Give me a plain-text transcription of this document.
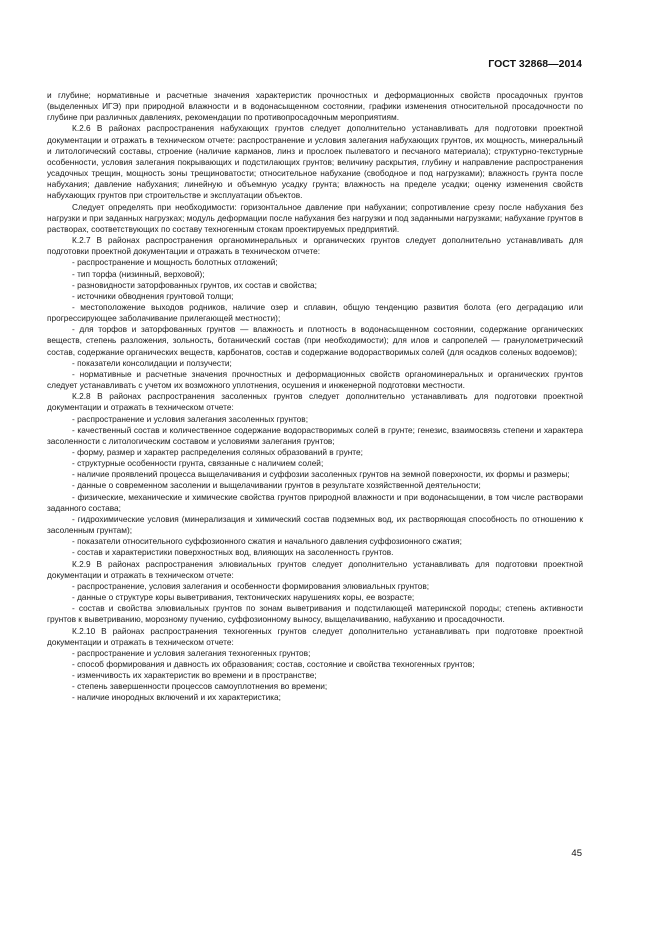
ГОСТ 32868—2014

и глубине; нормативные и расчетные значения характеристик прочностных и деформационных свойств просадочных грунтов (выделенных ИГЭ) при природной влажности и в водонасыщенном состоянии, графики изменения относительной просадочности по глубине при различных давлениях, рекомендации по противопросадочным мероприятиям.

К.2.6 В районах распространения набухающих грунтов следует дополнительно устанавливать для подготовки проектной документации и отражать в техническом отчете: распространение и условия залегания набухающих грунтов, их мощность, минеральный и литологический составы, строение (наличие карманов, линз и прослоек пылеватого и песчаного материала); структурно-текстурные особенности, условия залегания покрывающих и подстилающих грунтов; величину раскрытия, глубину и направление распространения усадочных трещин, мощность зоны трещиноватости; относительное набухание (свободное и под нагрузками); влажность грунта после набухания; давление набухания; линейную и объемную усадку грунта; влажность на пределе усадки; оценку изменения свойств набухающих грунтов при строительстве и эксплуатации объектов.

Следует определять при необходимости: горизонтальное давление при набухании; сопротивление срезу после набухания без нагрузки и при заданных нагрузках; модуль деформации после набухания без нагрузки и под заданными нагрузками; набухание грунтов в растворах, соответствующих по составу техногенным стокам проектируемых предприятий.

К.2.7 В районах распространения органоминеральных и органических грунтов следует дополнительно устанавливать для подготовки проектной документации и отражать в техническом отчете:

- распространение и мощность болотных отложений;

- тип торфа (низинный, верховой);

- разновидности заторфованных грунтов, их состав и свойства;

- источники обводнения грунтовой толщи;

- местоположение выходов родников, наличие озер и сплавин, общую тенденцию развития болота (его деградацию или прогрессирующее заболачивание прилегающей местности);

- для торфов и заторфованных грунтов — влажность и плотность в водонасыщенном состоянии, содержание органических веществ, степень разложения, зольность, ботанический состав (при необходимости); для илов и сапропелей — гранулометрический состав, содержание органических веществ, карбонатов, состав и содержание водорастворимых солей (для осадков соленых водоемов);

- показатели консолидации и ползучести;

- нормативные и расчетные значения прочностных и деформационных свойств органоминеральных и органических грунтов следует устанавливать с учетом их возможного уплотнения, осушения и инженерной подготовки местности.

К.2.8 В районах распространения засоленных грунтов следует дополнительно устанавливать для подготовки проектной документации и отражать в техническом отчете:

- распространение и условия залегания засоленных грунтов;

- качественный состав и количественное содержание водорастворимых солей в грунте; генезис, взаимосвязь степени и характера засоленности с литологическим составом и условиями залегания грунтов;

- форму, размер и характер распределения соляных образований в грунте;

- структурные особенности грунта, связанные с наличием солей;

- наличие проявлений процесса выщелачивания и суффозии засоленных грунтов на земной поверхности, их формы и размеры;

- данные о современном засолении и выщелачивании грунтов в результате хозяйственной деятельности;

- физические, механические и химические свойства грунтов природной влажности и при водонасыщении, в том числе растворами заданного состава;

- гидрохимические условия (минерализация и химический состав подземных вод, их растворяющая способность по отношению к засоленным грунтам);

- показатели относительного суффозионного сжатия и начального давления суффозионного сжатия;

- состав и характеристики поверхностных вод, влияющих на засоленность грунтов.

К.2.9 В районах распространения элювиальных грунтов следует дополнительно устанавливать для подготовки проектной документации и отражать в техническом отчете:

- распространение, условия залегания и особенности формирования элювиальных грунтов;

- данные о структуре коры выветривания, тектонических нарушениях коры, ее возрасте;

- состав и свойства элювиальных грунтов по зонам выветривания и подстилающей материнской породы; степень активности грунтов к выветриванию, морозному пучению, суффозионному выносу, выщелачиванию, набуханию и просадочности.

К.2.10 В районах распространения техногенных грунтов следует дополнительно устанавливать при подготовке проектной документации и отражать в техническом отчете:

- распространение и условия залегания техногенных грунтов;

- способ формирования и давность их образования; состав, состояние и свойства техногенных грунтов;

- изменчивость их характеристик во времени и в пространстве;

- степень завершенности процессов самоуплотнения во времени;

- наличие инородных включений и их характеристика;

45
